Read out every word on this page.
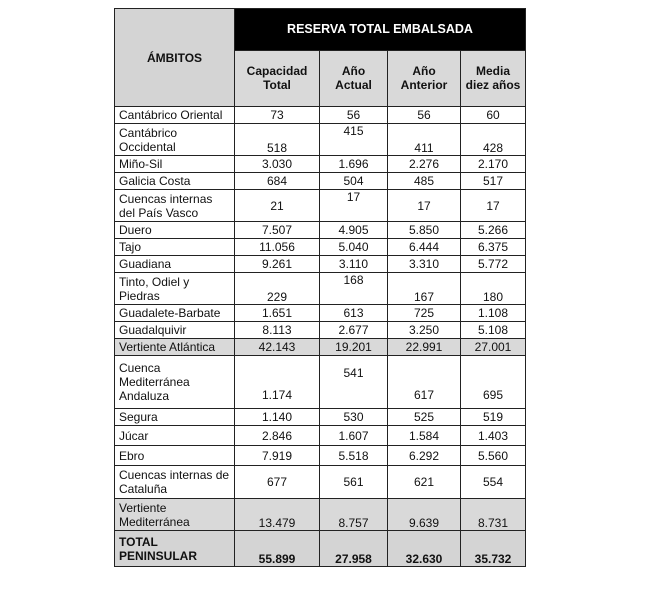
ÁMBITOS	RESERVA TOTAL EMBALSADA			
	Capacidad Total	Año Actual	Año Anterior	Media diez años
Cantábrico Oriental	73	56	56	60
Cantábrico Occidental	518	415	411	428
Miño-Sil	3.030	1.696	2.276	2.170
Galicia Costa	684	504	485	517
Cuencas internas del País Vasco	21	17	17	17
Duero	7.507	4.905	5.850	5.266
Tajo	11.056	5.040	6.444	6.375
Guadiana	9.261	3.110	3.310	5.772
Tinto, Odiel y Piedras	229	168	167	180
Guadalete-Barbate	1.651	613	725	1.108
Guadalquivir	8.113	2.677	3.250	5.108
Vertiente Atlántica	42.143	19.201	22.991	27.001
Cuenca Mediterránea Andaluza	1.174	541	617	695
Segura	1.140	530	525	519
Júcar	2.846	1.607	1.584	1.403
Ebro	7.919	5.518	6.292	5.560
Cuencas internas de Cataluña	677	561	621	554
Vertiente Mediterránea	13.479	8.757	9.639	8.731
TOTAL PENINSULAR	55.899	27.958	32.630	35.732
